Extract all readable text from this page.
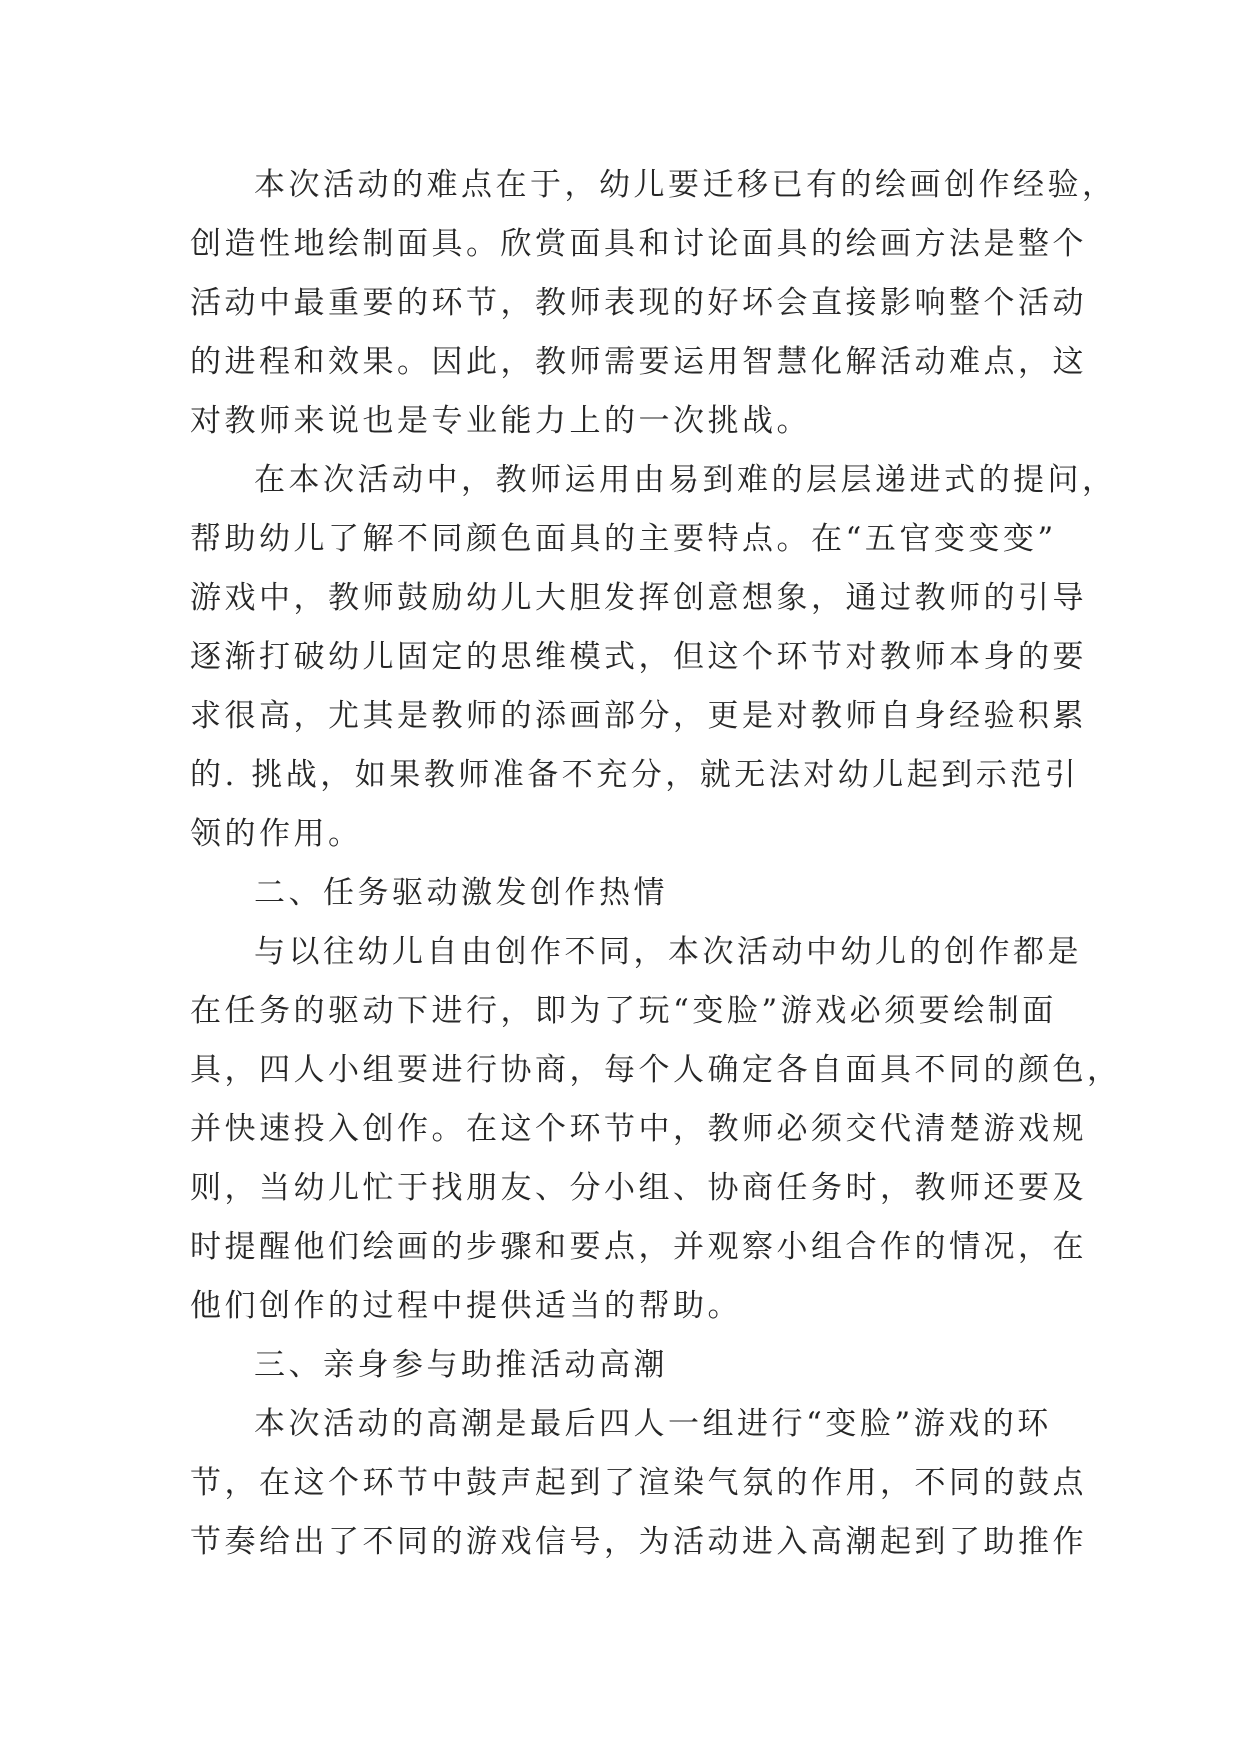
本次活动的难点在于，幼儿要迁移已有的绘画创作经验，
创造性地绘制面具。欣赏面具和讨论面具的绘画方法是整个
活动中最重要的环节，教师表现的好坏会直接影响整个活动
的进程和效果。因此，教师需要运用智慧化解活动难点，这
对教师来说也是专业能力上的一次挑战。
在本次活动中，教师运用由易到难的层层递进式的提问，
帮助幼儿了解不同颜色面具的主要特点。在“五官变变变”
游戏中，教师鼓励幼儿大胆发挥创意想象，通过教师的引导
逐渐打破幼儿固定的思维模式，但这个环节对教师本身的要
求很高，尤其是教师的添画部分，更是对教师自身经验积累
的. 挑战，如果教师准备不充分，就无法对幼儿起到示范引
领的作用。
二、任务驱动激发创作热情
与以往幼儿自由创作不同，本次活动中幼儿的创作都是
在任务的驱动下进行，即为了玩“变脸”游戏必须要绘制面
具，四人小组要进行协商，每个人确定各自面具不同的颜色，
并快速投入创作。在这个环节中，教师必须交代清楚游戏规
则，当幼儿忙于找朋友、分小组、协商任务时，教师还要及
时提醒他们绘画的步骤和要点，并观察小组合作的情况，在
他们创作的过程中提供适当的帮助。
三、亲身参与助推活动高潮
本次活动的高潮是最后四人一组进行“变脸”游戏的环
节，在这个环节中鼓声起到了渲染气氛的作用，不同的鼓点
节奏给出了不同的游戏信号，为活动进入高潮起到了助推作
